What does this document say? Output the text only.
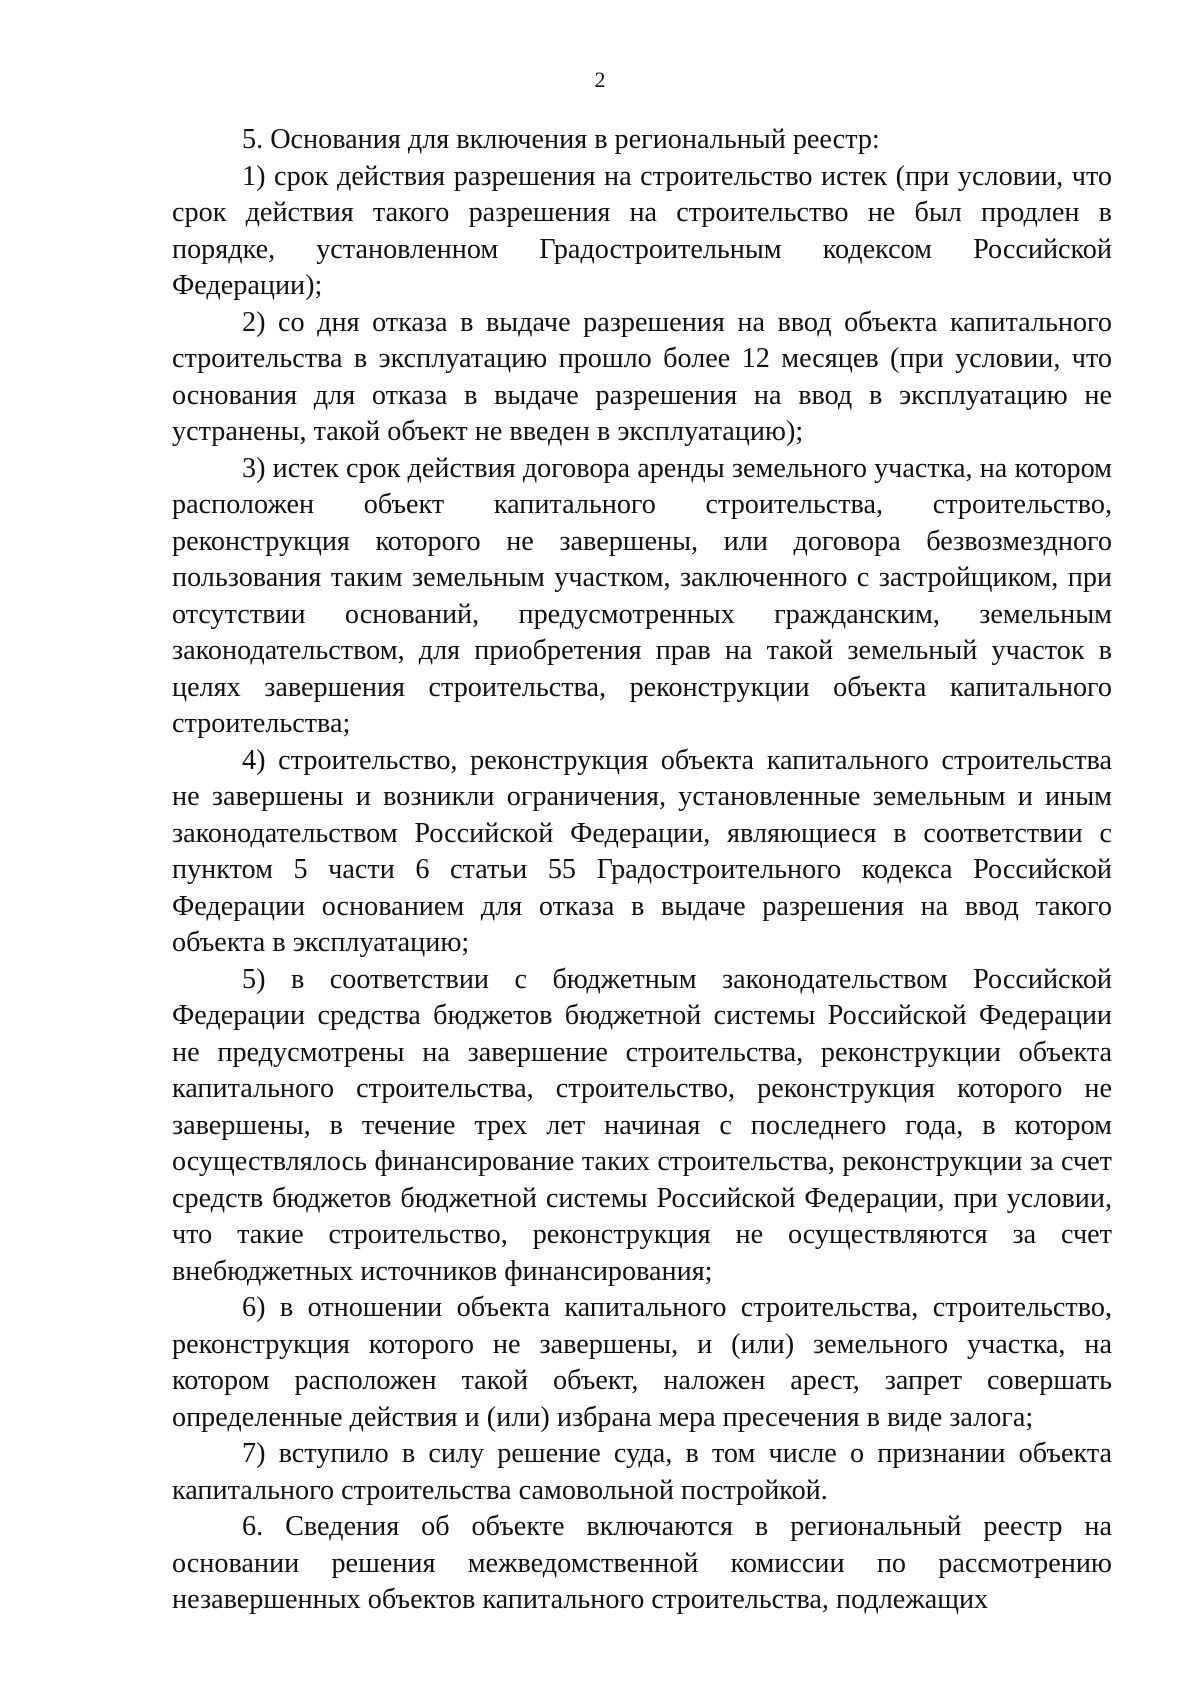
2

5. Основания для включения в региональный реестр:

1) срок действия разрешения на строительство истек (при условии, что срок действия такого разрешения на строительство не был продлен в порядке, установленном Градостроительным кодексом Российской Федерации);

2) со дня отказа в выдаче разрешения на ввод объекта капитального строительства в эксплуатацию прошло более 12 месяцев (при условии, что основания для отказа в выдаче разрешения на ввод в эксплуатацию не устранены, такой объект не введен в эксплуатацию);

3) истек срок действия договора аренды земельного участка, на котором расположен объект капитального строительства, строительство, реконструкция которого не завершены, или договора безвозмездного пользования таким земельным участком, заключенного с застройщиком, при отсутствии оснований, предусмотренных гражданским, земельным законодательством, для приобретения прав на такой земельный участок в целях завершения строительства, реконструкции объекта капитального строительства;

4) строительство, реконструкция объекта капитального строительства не завершены и возникли ограничения, установленные земельным и иным законодательством Российской Федерации, являющиеся в соответствии с пунктом 5 части 6 статьи 55 Градостроительного кодекса Российской Федерации основанием для отказа в выдаче разрешения на ввод такого объекта в эксплуатацию;

5) в соответствии с бюджетным законодательством Российской Федерации средства бюджетов бюджетной системы Российской Федерации не предусмотрены на завершение строительства, реконструкции объекта капитального строительства, строительство, реконструкция которого не завершены, в течение трех лет начиная с последнего года, в котором осуществлялось финансирование таких строительства, реконструкции за счет средств бюджетов бюджетной системы Российской Федерации, при условии, что такие строительство, реконструкция не осуществляются за счет внебюджетных источников финансирования;

6) в отношении объекта капитального строительства, строительство, реконструкция которого не завершены, и (или) земельного участка, на котором расположен такой объект, наложен арест, запрет совершать определенные действия и (или) избрана мера пресечения в виде залога;

7) вступило в силу решение суда, в том числе о признании объекта капитального строительства самовольной постройкой.

6. Сведения об объекте включаются в региональный реестр на основании решения межведомственной комиссии по рассмотрению незавершенных объектов капитального строительства, подлежащих
